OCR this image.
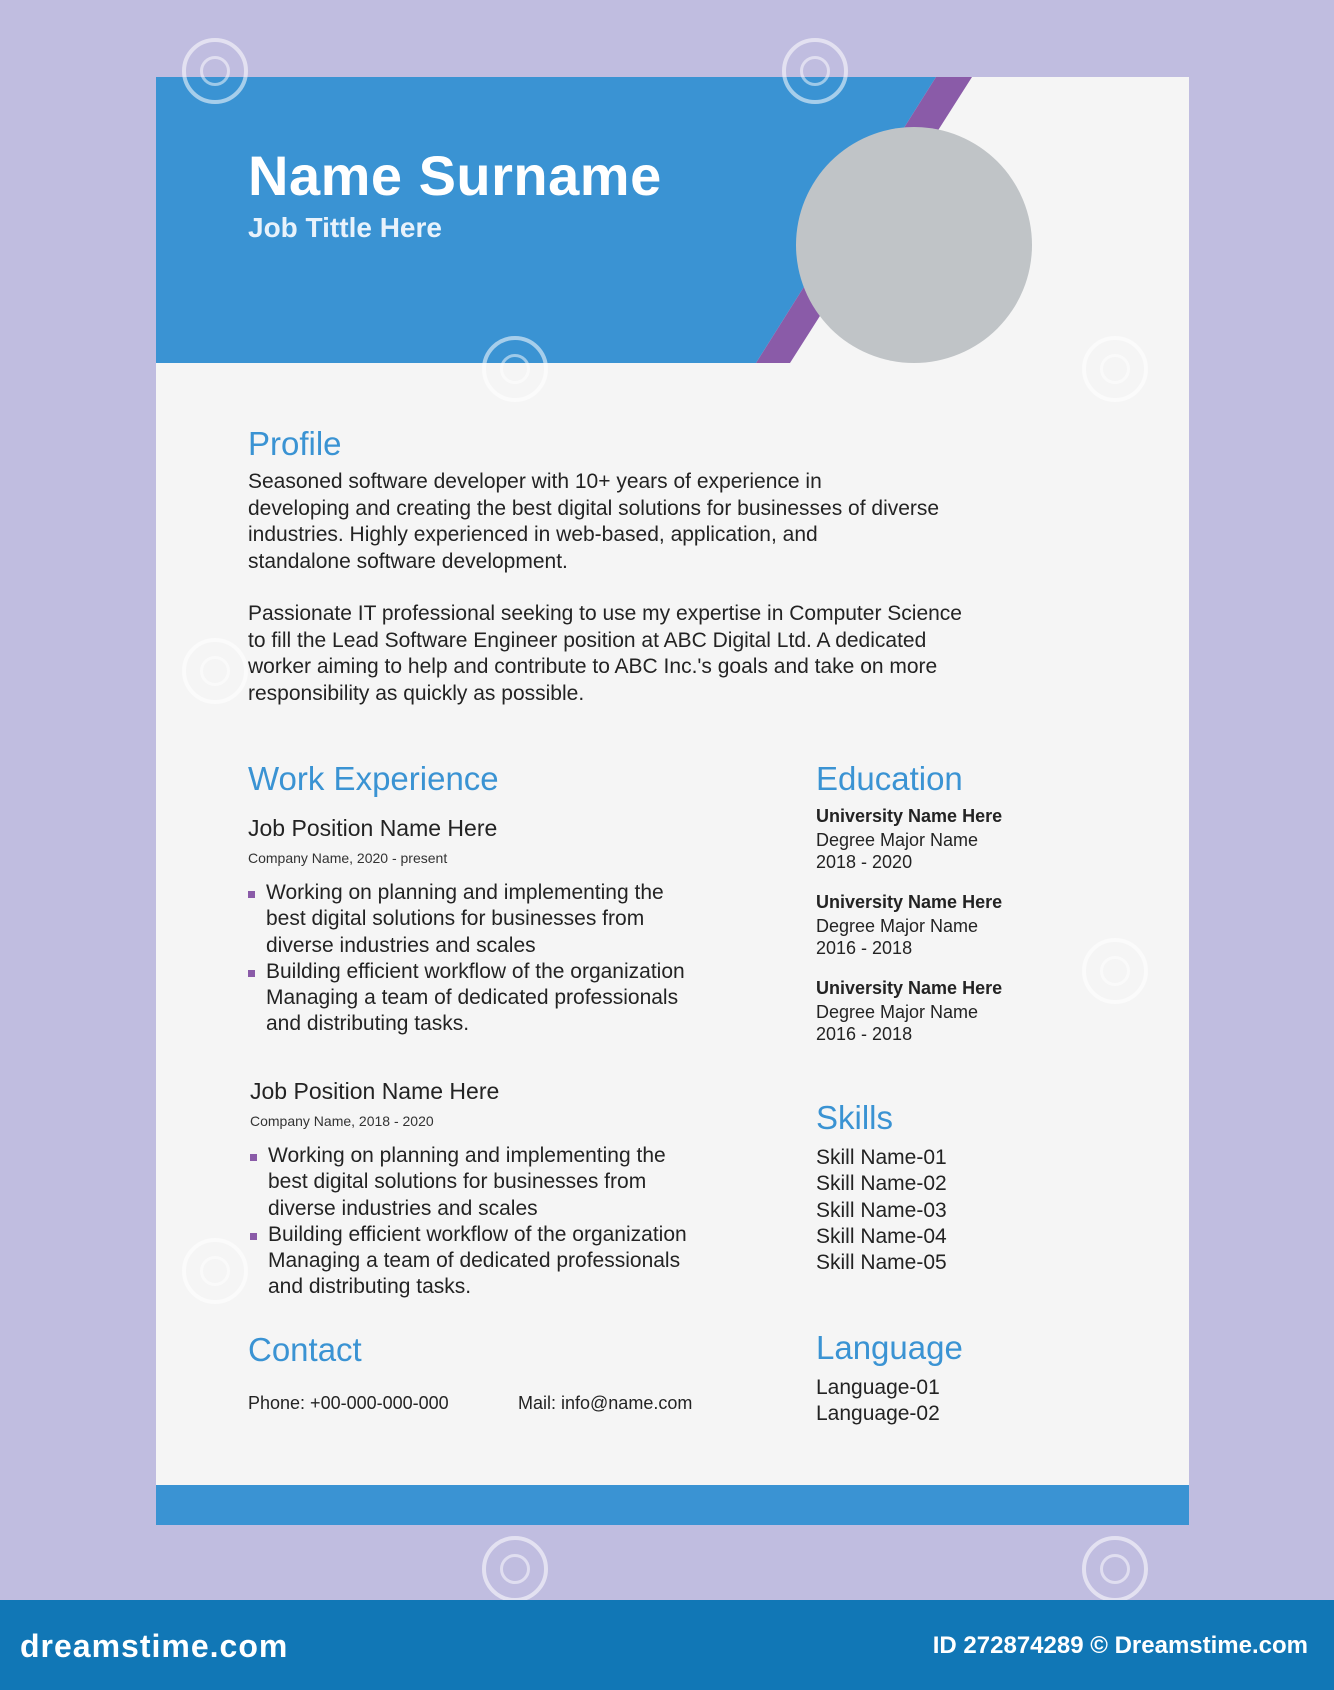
Name Surname
Job Tittle Here
Profile
Seasoned software developer with 10+ years of experience in
developing and creating the best digital solutions for businesses of diverse
industries. Highly experienced in web-based, application, and
standalone software development.
Passionate IT professional seeking to use my expertise in Computer Science
to fill the Lead Software Engineer position at ABC Digital Ltd. A dedicated
worker aiming to help and contribute to ABC Inc.'s goals and take on more
responsibility as quickly as possible.
Work Experience
Job Position Name Here
Company Name, 2020 - present
Working on planning and implementing the
best digital solutions for businesses from
diverse industries and scales
Building efficient workflow of the organization
Managing a team of dedicated professionals
and distributing tasks.
Job Position Name Here
Company Name, 2018 - 2020
Working on planning and implementing the
best digital solutions for businesses from
diverse industries and scales
Building efficient workflow of the organization
Managing a team of dedicated professionals
and distributing tasks.
Education
University Name Here
Degree Major Name
2018 - 2020
University Name Here
Degree Major Name
2016 - 2018
University Name Here
Degree Major Name
2016 - 2018
Skills
Skill Name-01
Skill Name-02
Skill Name-03
Skill Name-04
Skill Name-05
Language
Language-01
Language-02
Contact
Phone: +00-000-000-000	Mail: info@name.com
dreamstime.com	ID 272874289 © Dreamstime.com
